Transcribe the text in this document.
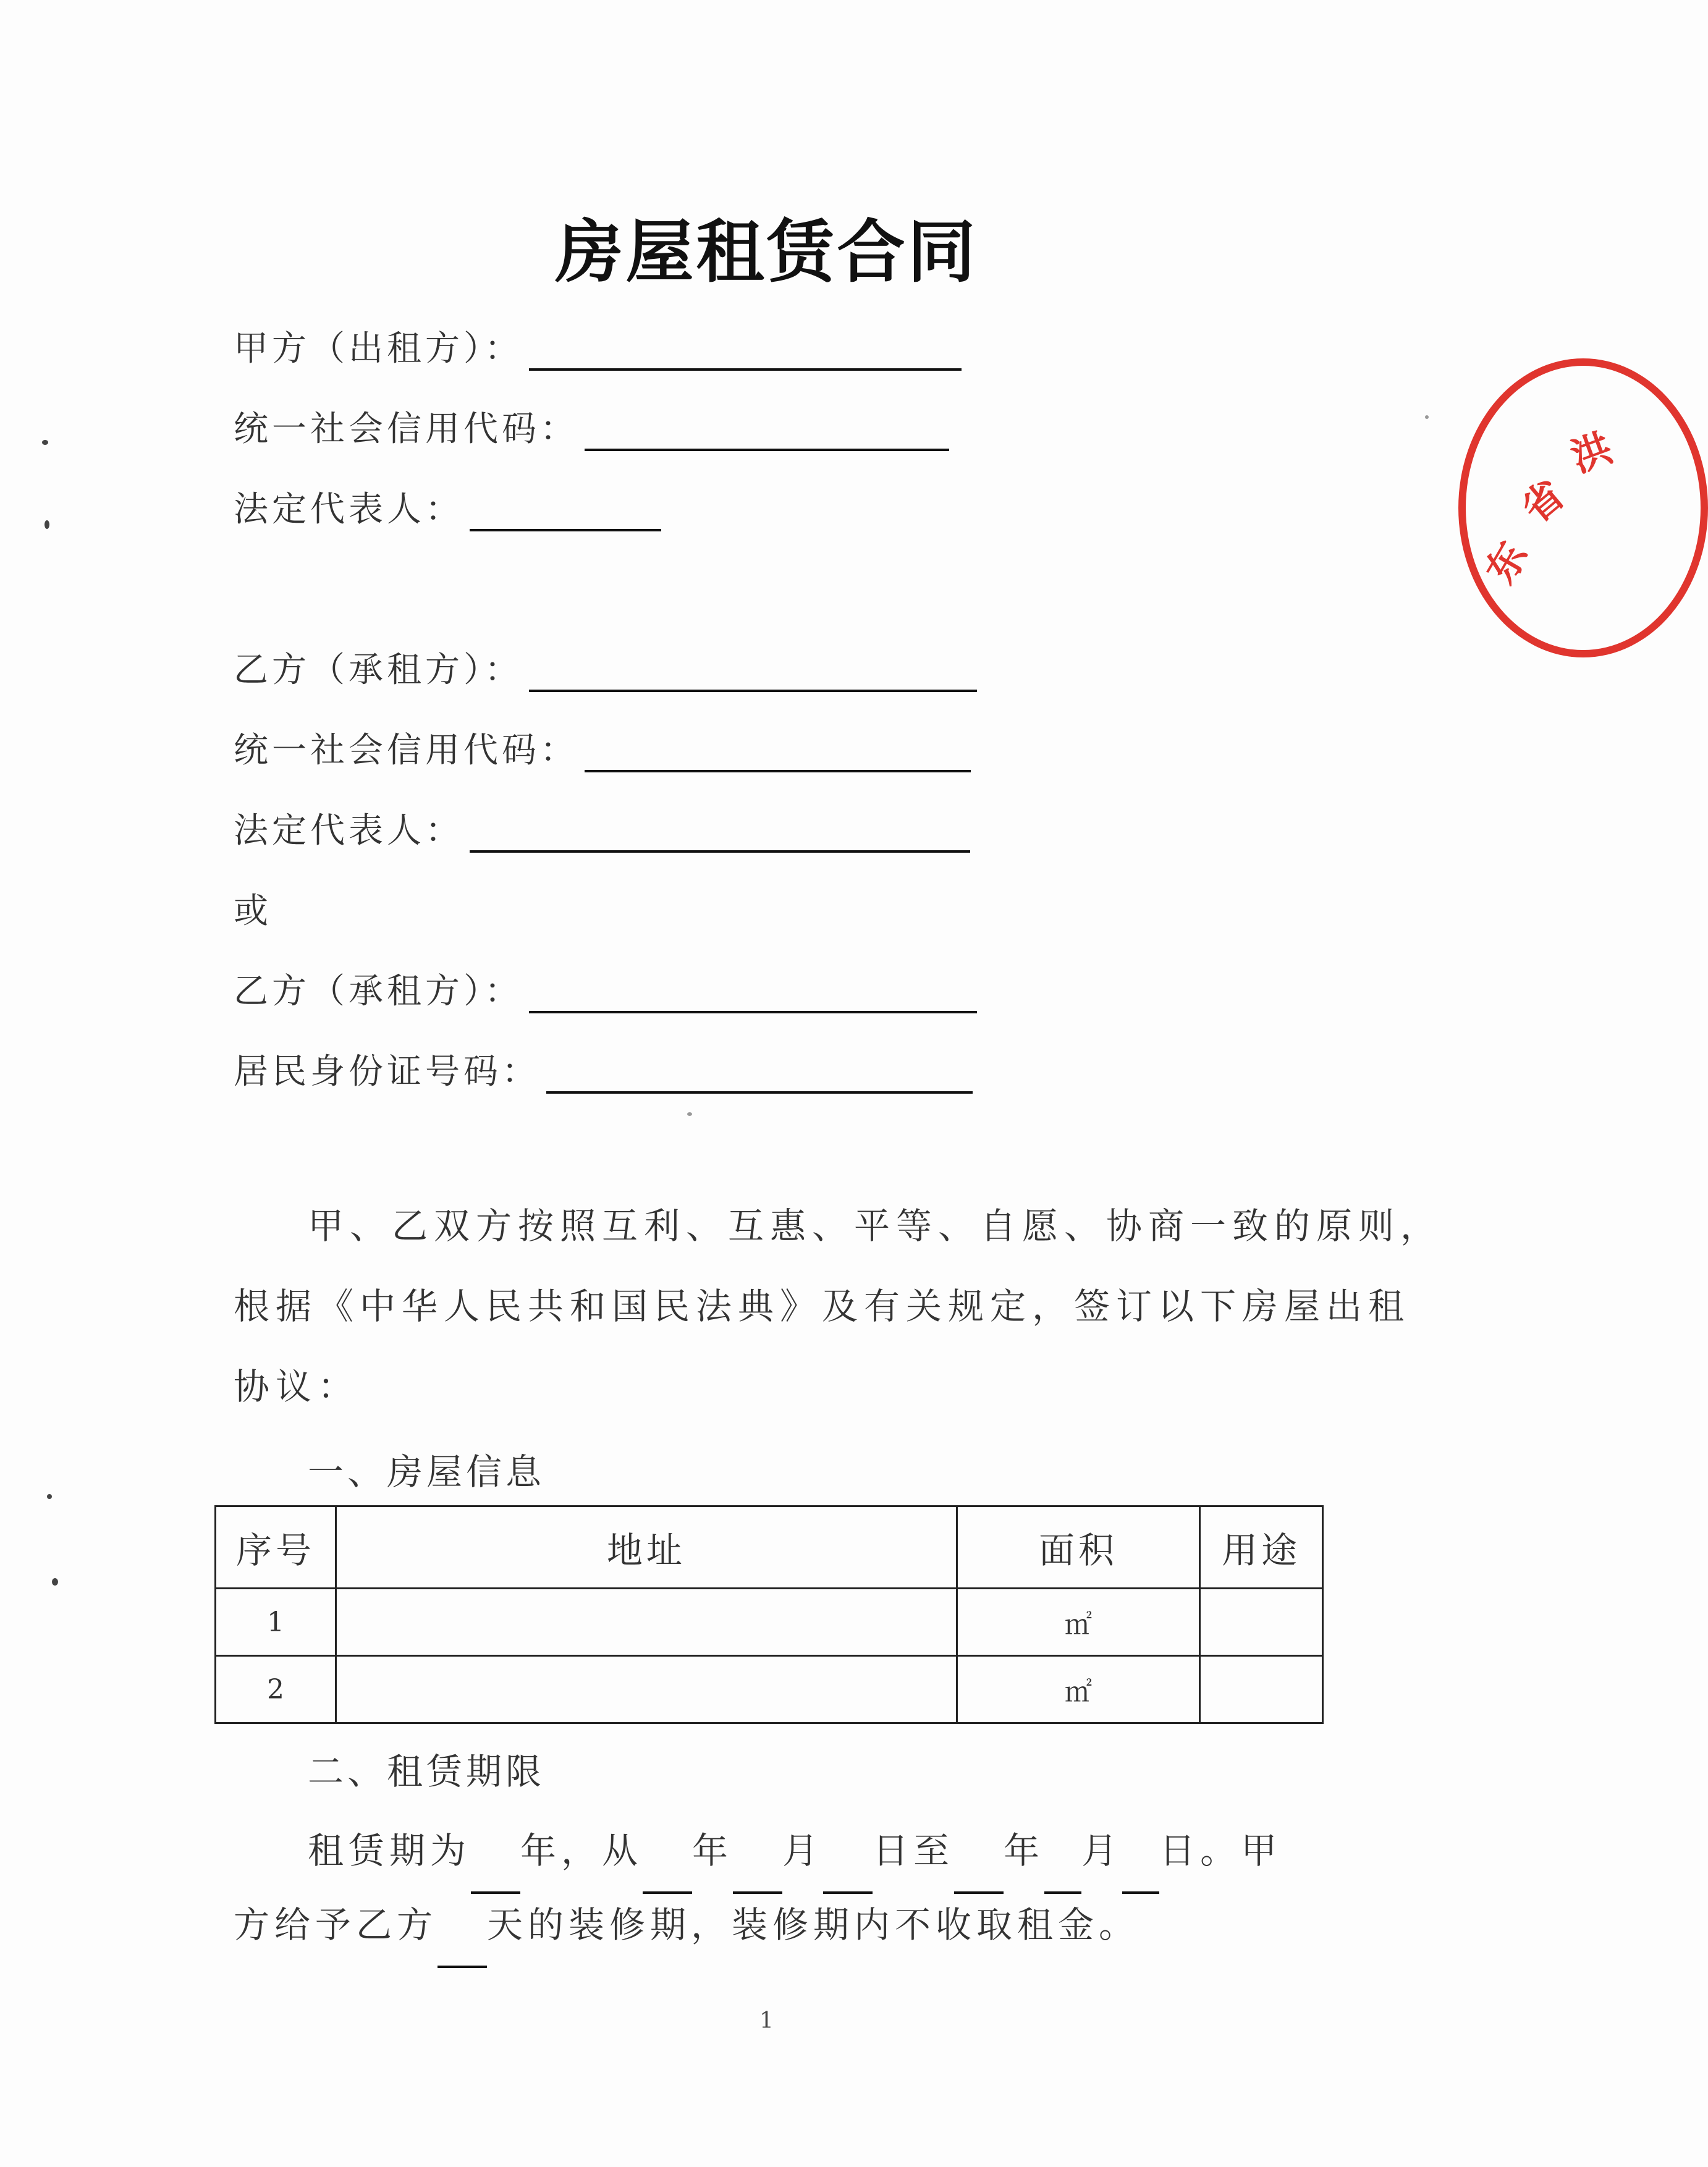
房屋租赁合同
甲方（出租方）：
统一社会信用代码：
法定代表人：
乙方（承租方）：
统一社会信用代码：
法定代表人：
或
乙方（承租方）：
居民身份证号码：
甲、乙双方按照互利、互惠、平等、自愿、协商一致的原则，
根据《中华人民共和国民法典》及有关规定，签订以下房屋出租
协议：
一、房屋信息
序号	地址	面积	用途
1		㎡	
2		㎡	
二、租赁期限
租赁期为 年，从 年 月 日至 年 月 日。甲
方给予乙方 天的装修期，装修期内不收取租金。
1
东
省
洪
